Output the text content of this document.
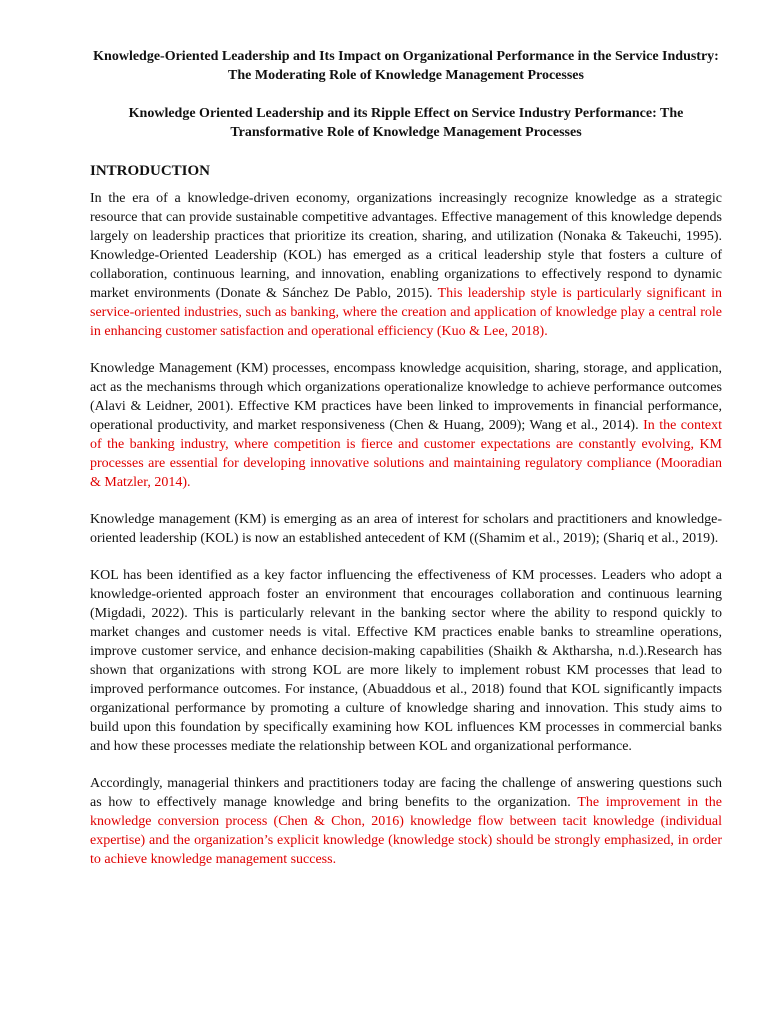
Knowledge-Oriented Leadership and Its Impact on Organizational Performance in the Service Industry: The Moderating Role of Knowledge Management Processes
Knowledge Oriented Leadership and its Ripple Effect on Service Industry Performance: The Transformative Role of Knowledge Management Processes
INTRODUCTION

In the era of a knowledge-driven economy, organizations increasingly recognize knowledge as a strategic resource that can provide sustainable competitive advantages. Effective management of this knowledge depends largely on leadership practices that prioritize its creation, sharing, and utilization (Nonaka & Takeuchi, 1995). Knowledge-Oriented Leadership (KOL) has emerged as a critical leadership style that fosters a culture of collaboration, continuous learning, and innovation, enabling organizations to effectively respond to dynamic market environments (Donate & Sánchez De Pablo, 2015). This leadership style is particularly significant in service-oriented industries, such as banking, where the creation and application of knowledge play a central role in enhancing customer satisfaction and operational efficiency (Kuo & Lee, 2018).

Knowledge Management (KM) processes, encompass knowledge acquisition, sharing, storage, and application, act as the mechanisms through which organizations operationalize knowledge to achieve performance outcomes (Alavi & Leidner, 2001). Effective KM practices have been linked to improvements in financial performance, operational productivity, and market responsiveness (Chen & Huang, 2009); Wang et al., 2014). In the context of the banking industry, where competition is fierce and customer expectations are constantly evolving, KM processes are essential for developing innovative solutions and maintaining regulatory compliance (Mooradian & Matzler, 2014).

Knowledge management (KM) is emerging as an area of interest for scholars and practitioners and knowledge-oriented leadership (KOL) is now an established antecedent of KM ((Shamim et al., 2019); (Shariq et al., 2019).

KOL has been identified as a key factor influencing the effectiveness of KM processes. Leaders who adopt a knowledge-oriented approach foster an environment that encourages collaboration and continuous learning (Migdadi, 2022). This is particularly relevant in the banking sector where the ability to respond quickly to market changes and customer needs is vital. Effective KM practices enable banks to streamline operations, improve customer service, and enhance decision-making capabilities (Shaikh & Aktharsha, n.d.).Research has shown that organizations with strong KOL are more likely to implement robust KM processes that lead to improved performance outcomes. For instance, (Abuaddous et al., 2018) found that KOL significantly impacts organizational performance by promoting a culture of knowledge sharing and innovation. This study aims to build upon this foundation by specifically examining how KOL influences KM processes in commercial banks and how these processes mediate the relationship between KOL and organizational performance.

Accordingly, managerial thinkers and practitioners today are facing the challenge of answering questions such as how to effectively manage knowledge and bring benefits to the organization. The improvement in the knowledge conversion process (Chen & Chon, 2016) knowledge flow between tacit knowledge (individual expertise) and the organization’s explicit knowledge (knowledge stock) should be strongly emphasized, in order to achieve knowledge management success.
